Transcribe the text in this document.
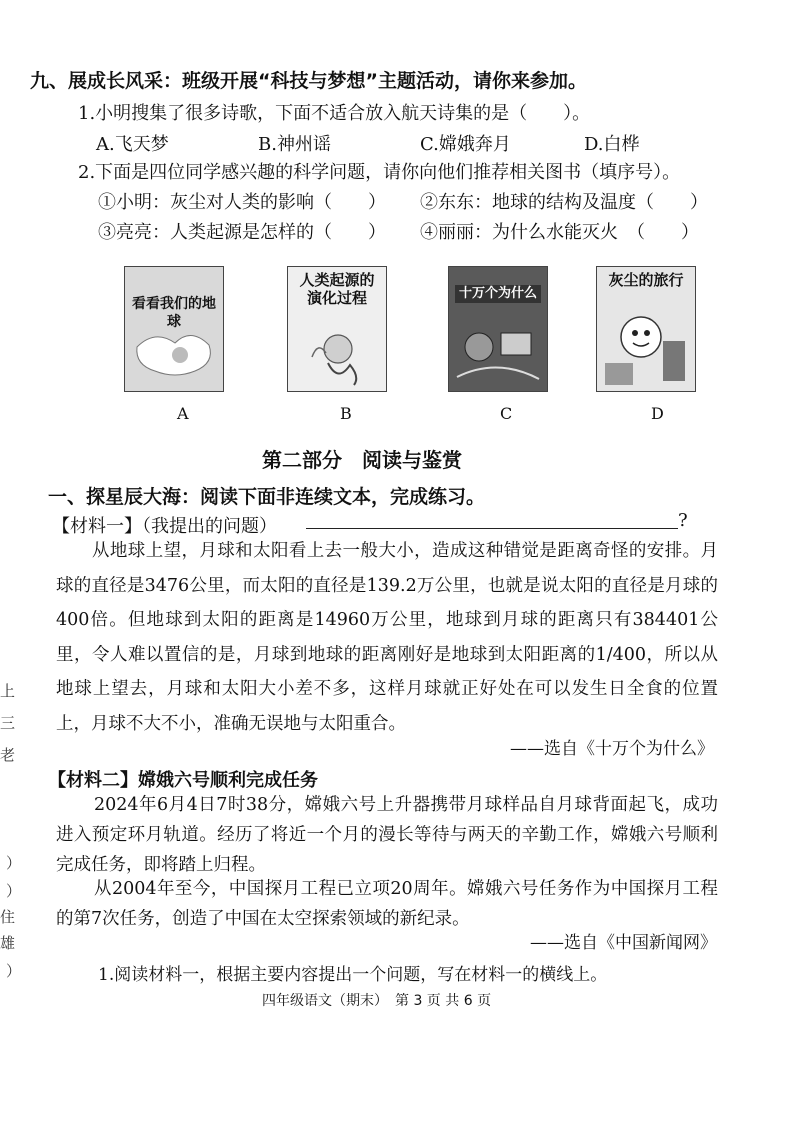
九、展成长风采：班级开展“科技与梦想”主题活动，请你来参加。
1.小明搜集了很多诗歌，下面不适合放入航天诗集的是（　　）。
A.飞天梦	B.神州谣	C.嫦娥奔月	D.白桦
2.下面是四位同学感兴趣的科学问题，请你向他们推荐相关图书（填序号）。
①小明：灰尘对人类的影响（　　） ②东东：地球的结构及温度（　　）
③亮亮：人类起源是怎样的（　　） ④丽丽：为什么水能灭火　（　　）
看看我们的地球
人类起源的演化过程	十万个为什么
灰尘的旅行
A	B	C	D
第二部分　阅读与鉴赏
一、探星辰大海：阅读下面非连续文本，完成练习。
【材料一】（我提出的问题）	?
从地球上望，月球和太阳看上去一般大小，造成这种错觉是距离奇怪的安排。月球的直径是3476公里，而太阳的直径是139.2万公里，也就是说太阳的直径是月球的400倍。但地球到太阳的距离是14960万公里，地球到月球的距离只有384401公里，令人难以置信的是，月球到地球的距离刚好是地球到太阳距离的1/400，所以从地球上望去，月球和太阳大小差不多，这样月球就正好处在可以发生日全食的位置上，月球不大不小，准确无误地与太阳重合。
——选自《十万个为什么》
【材料二】嫦娥六号顺利完成任务
2024年6月4日7时38分，嫦娥六号上升器携带月球样品自月球背面起飞，成功进入预定环月轨道。经历了将近一个月的漫长等待与两天的辛勤工作，嫦娥六号顺利完成任务，即将踏上归程。
从2004年至今，中国探月工程已立项20周年。嫦娥六号任务作为中国探月工程的第7次任务，创造了中国在太空探索领域的新纪录。
——选自《中国新闻网》
1.阅读材料一，根据主要内容提出一个问题，写在材料一的横线上。
四年级语文（期末）　第 3 页 共 6 页
上
三
老
）
）
住
雄
）
